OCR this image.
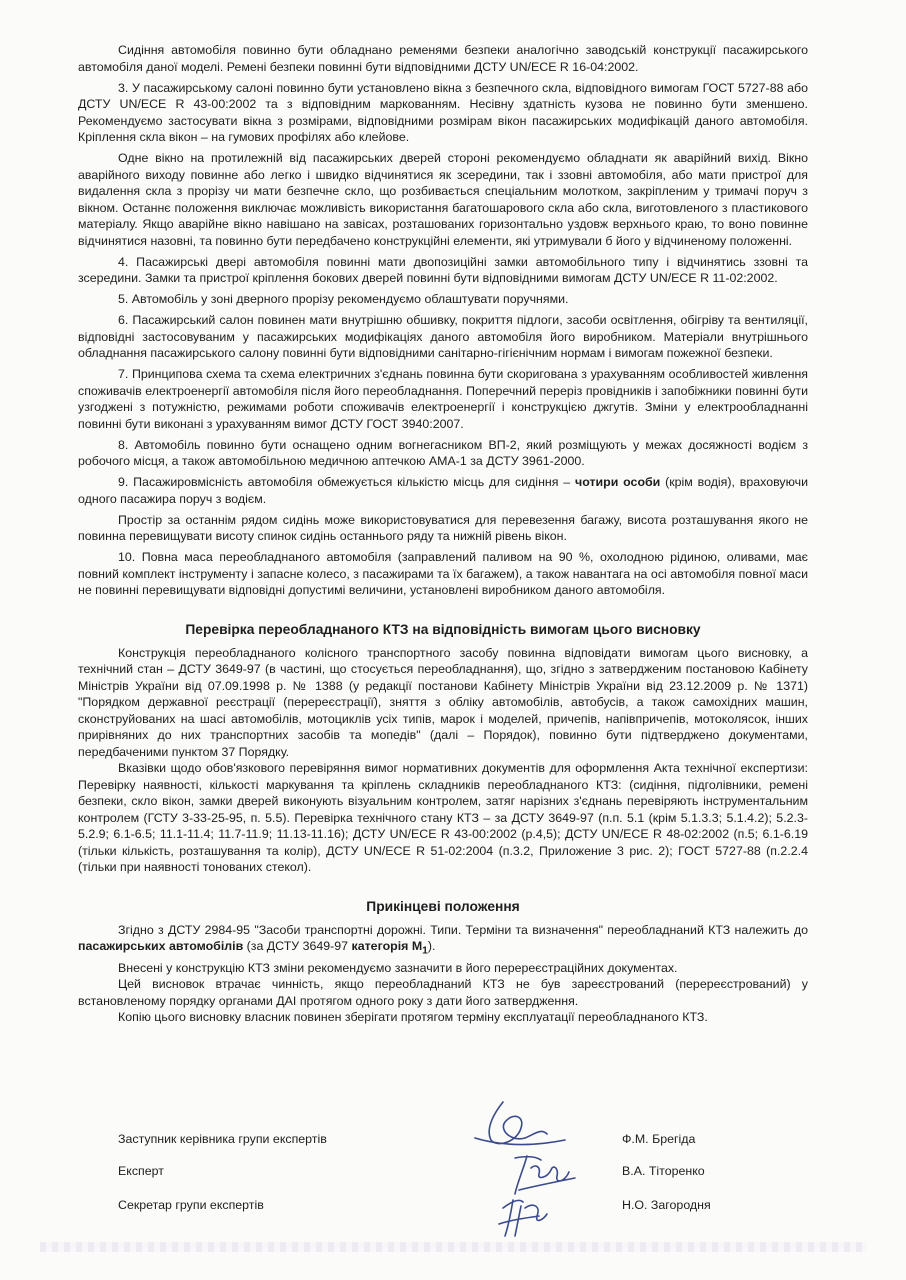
Сидіння автомобіля повинно бути обладнано ременями безпеки аналогічно заводській конструкції пасажирського автомобіля даної моделі. Ремені безпеки повинні бути відповідними ДСТУ UN/ECE R 16-04:2002.

3. У пасажирському салоні повинно бути установлено вікна з безпечного скла, відповідного вимогам ГОСТ 5727-88 або ДСТУ UN/ECE R 43-00:2002 та з відповідним маркованням. Несівну здатність кузова не повинно бути зменшено. Рекомендуємо застосувати вікна з розмірами, відповідними розмірам вікон пасажирських модифікацій даного автомобіля. Кріплення скла вікон – на гумових профілях або клейове.

Одне вікно на протилежній від пасажирських дверей стороні рекомендуємо обладнати як аварійний вихід. Вікно аварійного виходу повинне або легко і швидко відчинятися як зсередини, так і ззовні автомобіля, або мати пристрої для видалення скла з прорізу чи мати безпечне скло, що розбивається спеціальним молотком, закріпленим у тримачі поруч з вікном. Останнє положення виключає можливість використання багатошарового скла або скла, виготовленого з пластикового матеріалу. Якщо аварійне вікно навішано на завісах, розташованих горизонтально уздовж верхнього краю, то воно повинне відчинятися назовні, та повинно бути передбачено конструкційні елементи, які утримували б його у відчиненому положенні.

4. Пасажирські двері автомобіля повинні мати двопозиційні замки автомобільного типу і відчинятись ззовні та зсередини. Замки та пристрої кріплення бокових дверей повинні бути відповідними вимогам ДСТУ UN/ECE R 11-02:2002.

5. Автомобіль у зоні дверного прорізу рекомендуємо облаштувати поручнями.

6. Пасажирський салон повинен мати внутрішню обшивку, покриття підлоги, засоби освітлення, обігріву та вентиляції, відповідні застосовуваним у пасажирських модифікаціях даного автомобіля його виробником. Матеріали внутрішнього обладнання пасажирського салону повинні бути відповідними санітарно-гігієнічним нормам і вимогам пожежної безпеки.

7. Принципова схема та схема електричних з'єднань повинна бути скоригована з урахуванням особливостей живлення споживачів електроенергії автомобіля після його переобладнання. Поперечний переріз провідників і запобіжники повинні бути узгоджені з потужністю, режимами роботи споживачів електроенергії і конструкцією джгутів. Зміни у електрообладнанні повинні бути виконані з урахуванням вимог ДСТУ ГОСТ 3940:2007.

8. Автомобіль повинно бути оснащено одним вогнегасником ВП-2, який розміщують у межах досяжності водієм з робочого місця, а також автомобільною медичною аптечкою АМА-1 за ДСТУ 3961-2000.

9. Пасажировмісність автомобіля обмежується кількістю місць для сидіння – чотири особи (крім водія), враховуючи одного пасажира поруч з водієм.

Простір за останнім рядом сидінь може використовуватися для перевезення багажу, висота розташування якого не повинна перевищувати висоту спинок сидінь останнього ряду та нижній рівень вікон.

10. Повна маса переобладнаного автомобіля (заправлений паливом на 90 %, охолодною рідиною, оливами, має повний комплект інструменту і запасне колесо, з пасажирами та їх багажем), а також навантага на осі автомобіля повної маси не повинні перевищувати відповідні допустимі величини, установлені виробником даного автомобіля.

Перевірка переобладнаного КТЗ на відповідність вимогам цього висновку

Конструкція переобладнаного колісного транспортного засобу повинна відповідати вимогам цього висновку, а технічний стан – ДСТУ 3649-97 (в частині, що стосується переобладнання), що, згідно з затвердженим постановою Кабінету Міністрів України від 07.09.1998 р. № 1388 (у редакції постанови Кабінету Міністрів України від 23.12.2009 р. № 1371) "Порядком державної реєстрації (перереєстрації), зняття з обліку автомобілів, автобусів, а також самохідних машин, сконструйованих на шасі автомобілів, мотоциклів усіх типів, марок і моделей, причепів, напівпричепів, мотоколясок, інших прирівняних до них транспортних засобів та мопедів" (далі – Порядок), повинно бути підтверджено документами, передбаченими пунктом 37 Порядку.

Вказівки щодо обов'язкового перевіряння вимог нормативних документів для оформлення Акта технічної експертизи: Перевірку наявності, кількості маркування та кріплень складників переобладнаного КТЗ: (сидіння, підголівники, ремені безпеки, скло вікон, замки дверей виконують візуальним контролем, затяг нарізних з'єднань перевіряють інструментальним контролем (ГСТУ 3-33-25-95, п. 5.5). Перевірка технічного стану КТЗ – за ДСТУ 3649-97 (п.п. 5.1 (крім 5.1.3.3; 5.1.4.2); 5.2.3-5.2.9; 6.1-6.5; 11.1-11.4; 11.7-11.9; 11.13-11.16); ДСТУ UN/ECE R 43-00:2002 (р.4,5); ДСТУ UN/ECE R 48-02:2002 (п.5; 6.1-6.19 (тільки кількість, розташування та колір), ДСТУ UN/ECE R 51-02:2004 (п.3.2, Приложение 3 рис. 2); ГОСТ 5727-88 (п.2.2.4 (тільки при наявності тонованих стекол).

Прикінцеві положення

Згідно з ДСТУ 2984-95 "Засоби транспортні дорожні. Типи. Терміни та визначення" переобладнаний КТЗ належить до пасажирських автомобілів (за ДСТУ 3649-97 категорія $M_1$).

Внесені у конструкцію КТЗ зміни рекомендуємо зазначити в його перереєстраційних документах.

Цей висновок втрачає чинність, якщо переобладнаний КТЗ не був зареєстрований (перереєстрований) у встановленому порядку органами ДАІ протягом одного року з дати його затвердження.

Копію цього висновку власник повинен зберігати протягом терміну експлуатації переобладнаного КТЗ.

Заступник керівника групи експертів	Ф.М. Брегіда
Експерт	В.А. Тіторенко
Секретар групи експертів	Н.О. Загородня
